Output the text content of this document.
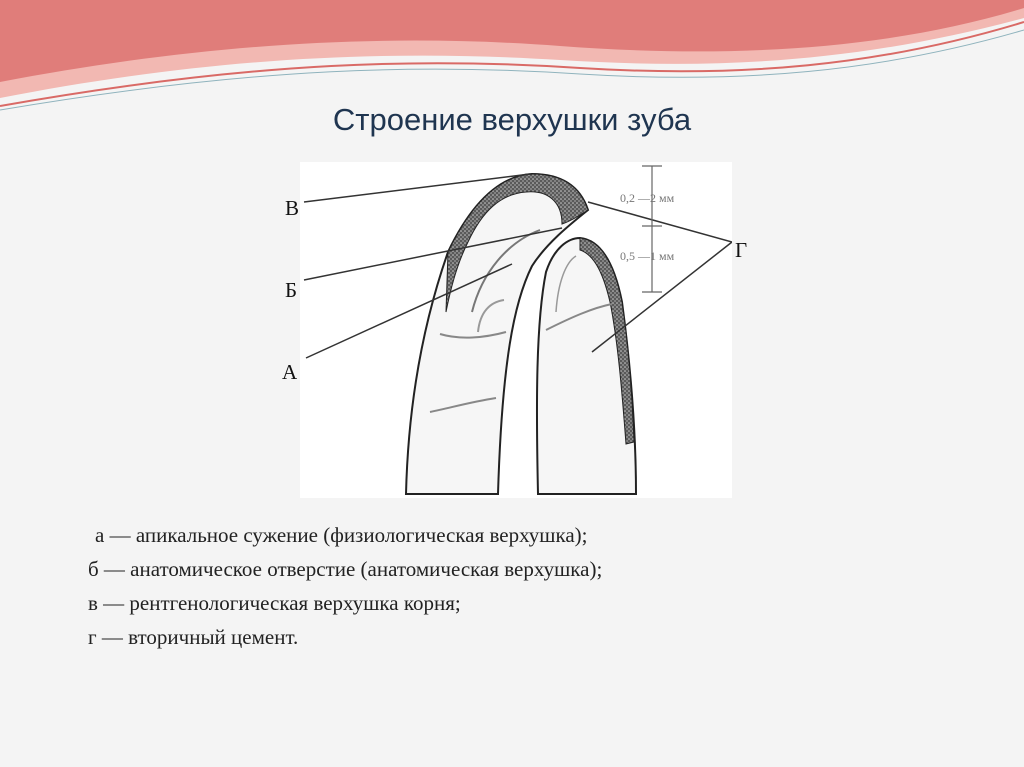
Строение верхушки зуба
0,2 —2 мм
0,5 —1 мм
В
Б
А
Г
а — апикальное сужение (физиологическая верхушка);
б — анатомическое отверстие (анатомическая верхушка);
в — рентгенологическая верхушка корня;
г — вторичный цемент.
